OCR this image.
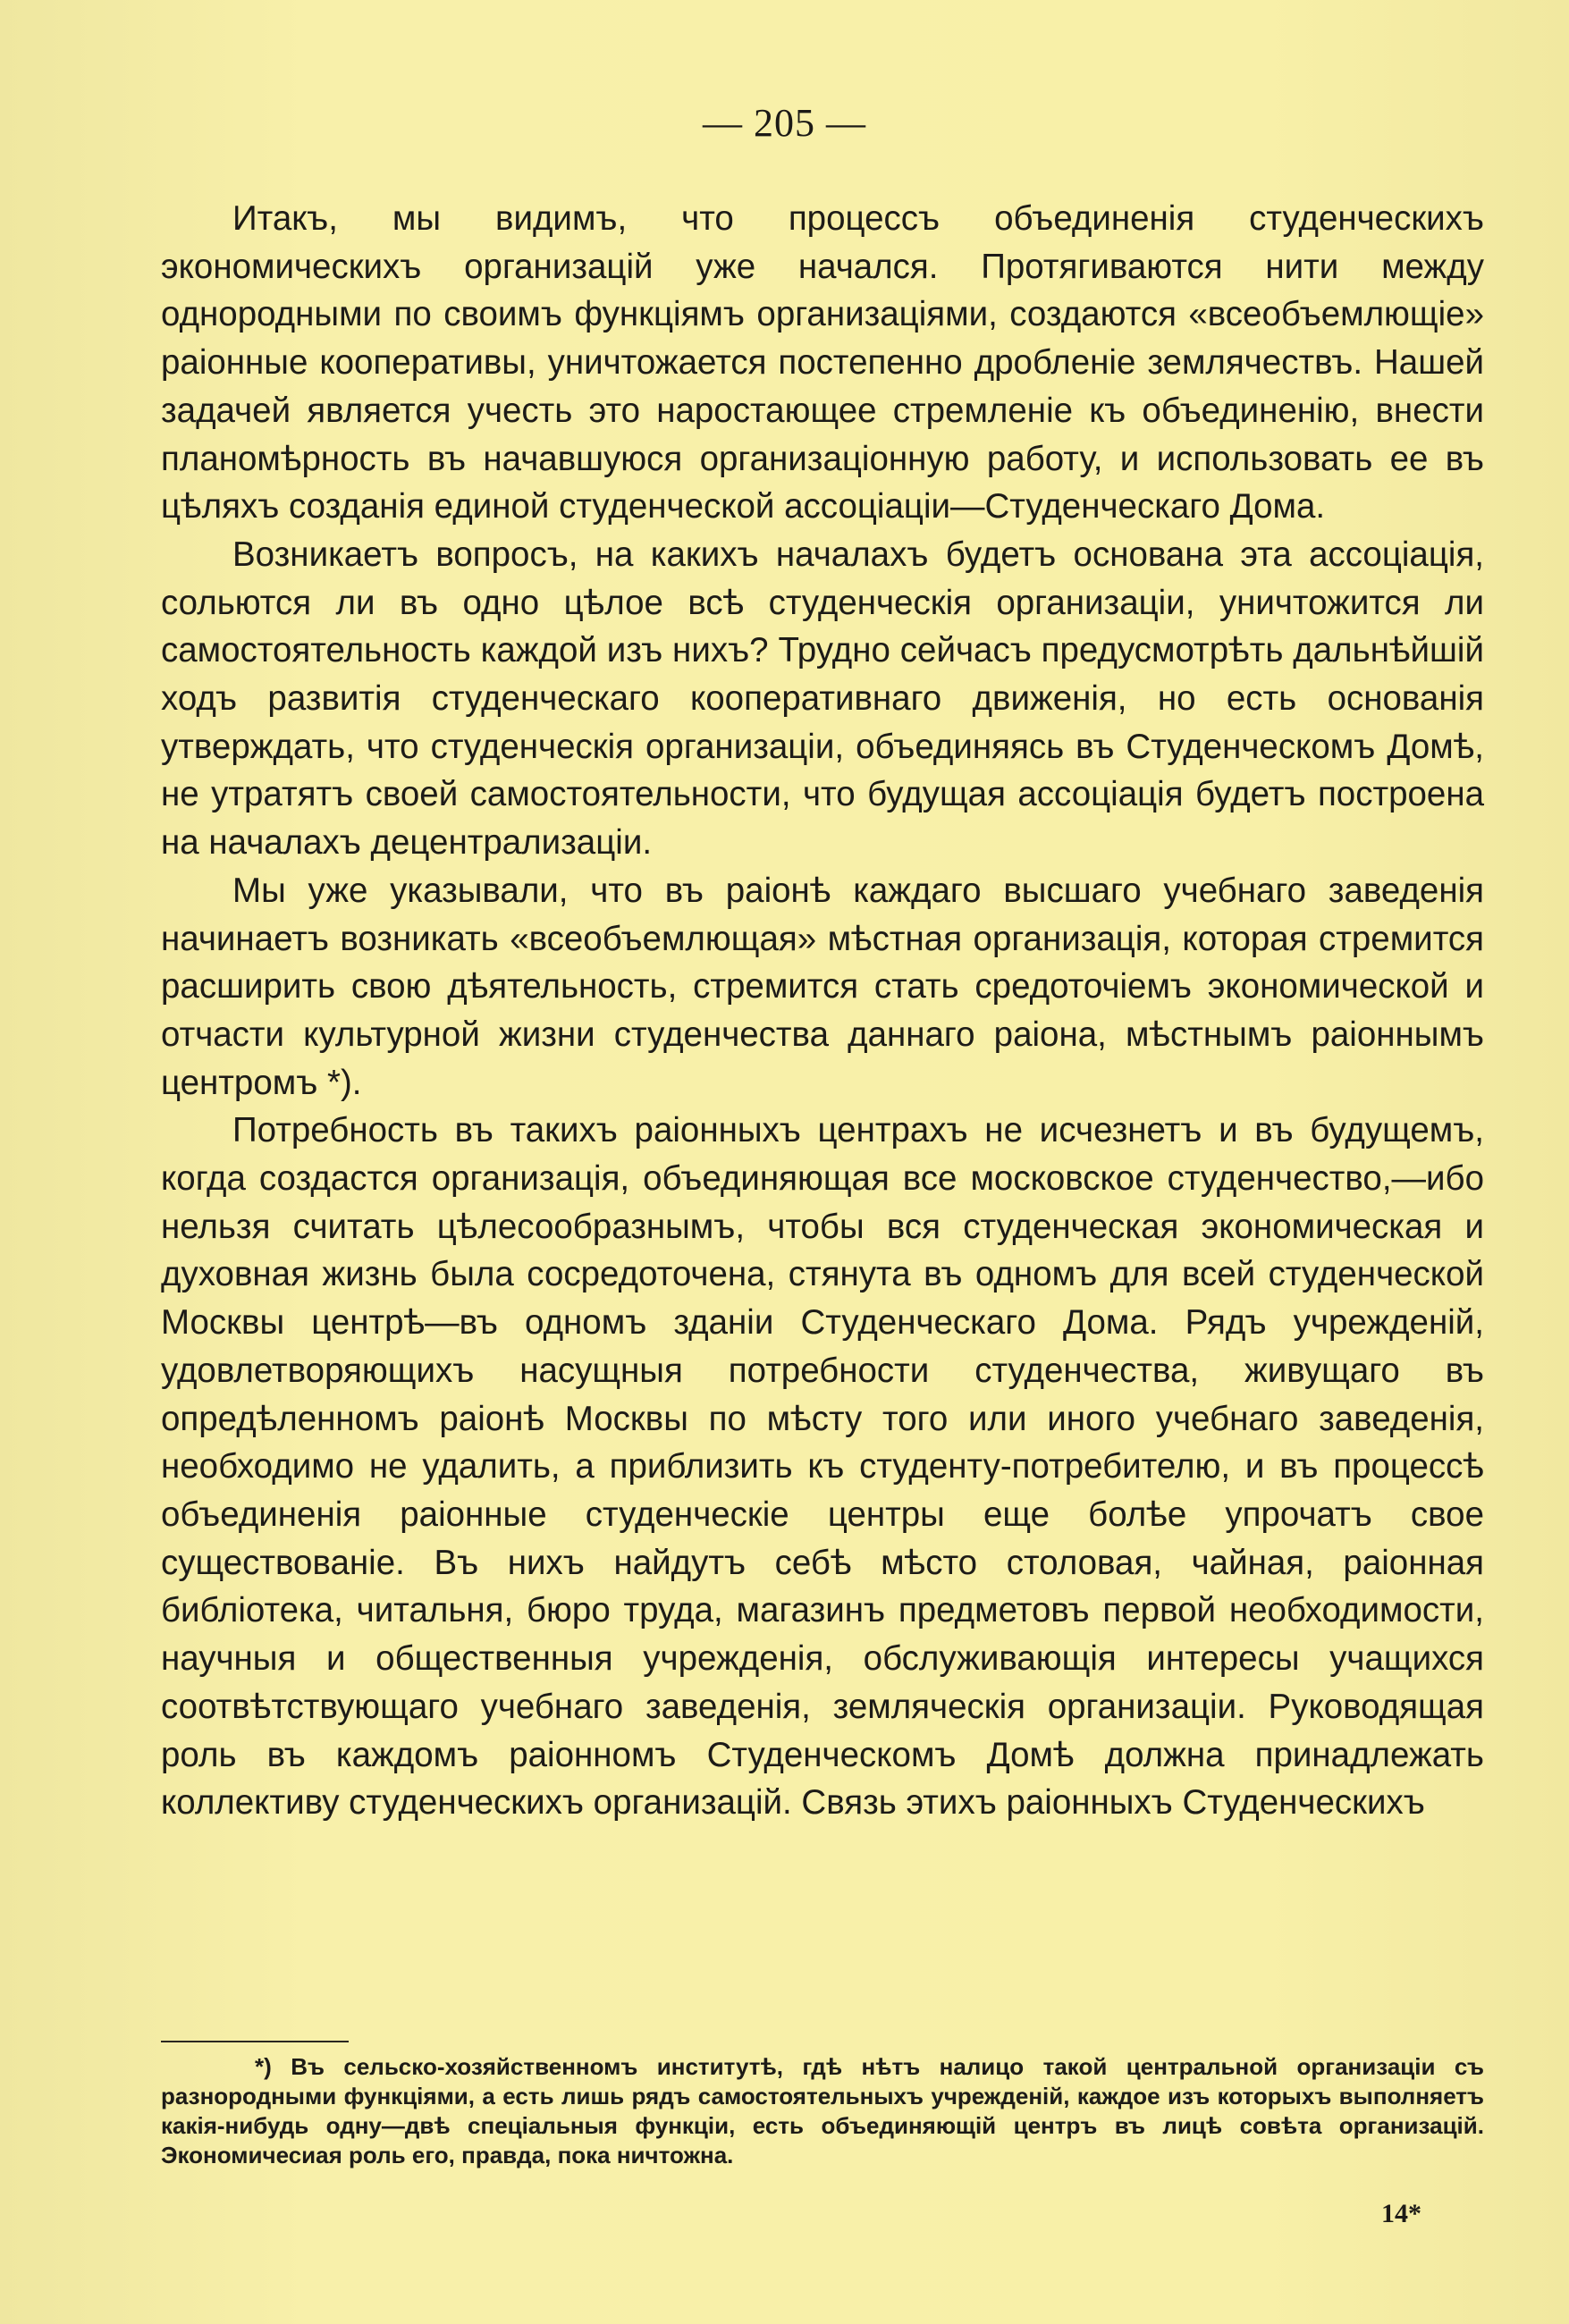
— 205 —

Итакъ, мы видимъ, что процессъ объединенія студенческихъ экономическихъ организацій уже начался. Протягиваются нити между однородными по своимъ функціямъ организаціями, создаются «всеобъемлющіе» раіонные кооперативы, уничтожается постепенно дробленіе землячествъ. Нашей задачей является учесть это наростающее стремленіе къ объединенію, внести планомѣрность въ начавшуюся организаціонную работу, и использовать ее въ цѣляхъ созданія единой студенческой ассоціаціи—Студенческаго Дома.

Возникаетъ вопросъ, на какихъ началахъ будетъ основана эта ассоціація, сольются ли въ одно цѣлое всѣ студенческія организаціи, уничтожится ли самостоятельность каждой изъ нихъ? Трудно сейчасъ предусмотрѣть дальнѣйшій ходъ развитія студенческаго кооперативнаго движенія, но есть основанія утверждать, что студенческія организаціи, объединяясь въ Студенческомъ Домѣ, не утратятъ своей самостоятельности, что будущая ассоціація будетъ построена на началахъ децентрализаціи.

Мы уже указывали, что въ раіонѣ каждаго высшаго учебнаго заведенія начинаетъ возникать «всеобъемлющая» мѣстная организація, которая стремится расширить свою дѣятельность, стремится стать средоточіемъ экономической и отчасти культурной жизни студенчества даннаго раіона, мѣстнымъ раіоннымъ центромъ *).

Потребность въ такихъ раіонныхъ центрахъ не исчезнетъ и въ будущемъ, когда создастся организація, объединяющая все московское студенчество,—ибо нельзя считать цѣлесообразнымъ, чтобы вся студенческая экономическая и духовная жизнь была сосредоточена, стянута въ одномъ для всей студенческой Москвы центрѣ—въ одномъ зданіи Студенческаго Дома. Рядъ учрежденій, удовлетворяющихъ насущныя потребности студенчества, живущаго въ опредѣленномъ раіонѣ Москвы по мѣсту того или иного учебнаго заведенія, необходимо не удалить, а приблизить къ студенту-потребителю, и въ процессѣ объединенія раіонные студенческіе центры еще болѣе упрочатъ свое существованіе. Въ нихъ найдутъ себѣ мѣсто столовая, чайная, раіонная библіотека, читальня, бюро труда, магазинъ предметовъ первой необходимости, научныя и общественныя учрежденія, обслуживающія интересы учащихся соотвѣтствующаго учебнаго заведенія, земляческія организаціи. Руководящая роль въ каждомъ раіонномъ Студенческомъ Домѣ должна принадлежать коллективу студенческихъ организацій. Связь этихъ раіонныхъ Студенческихъ

*) Въ сельско-хозяйственномъ институтѣ, гдѣ нѣтъ налицо такой центральной организаціи съ разнородными функціями, а есть лишь рядъ самостоятельныхъ учрежденій, каждое изъ которыхъ выполняетъ какія-нибудь одну—двѣ спеціальныя функціи, есть объединяющій центръ въ лицѣ совѣта организацій. Экономичесиая роль его, правда, пока ничтожна.
14*
